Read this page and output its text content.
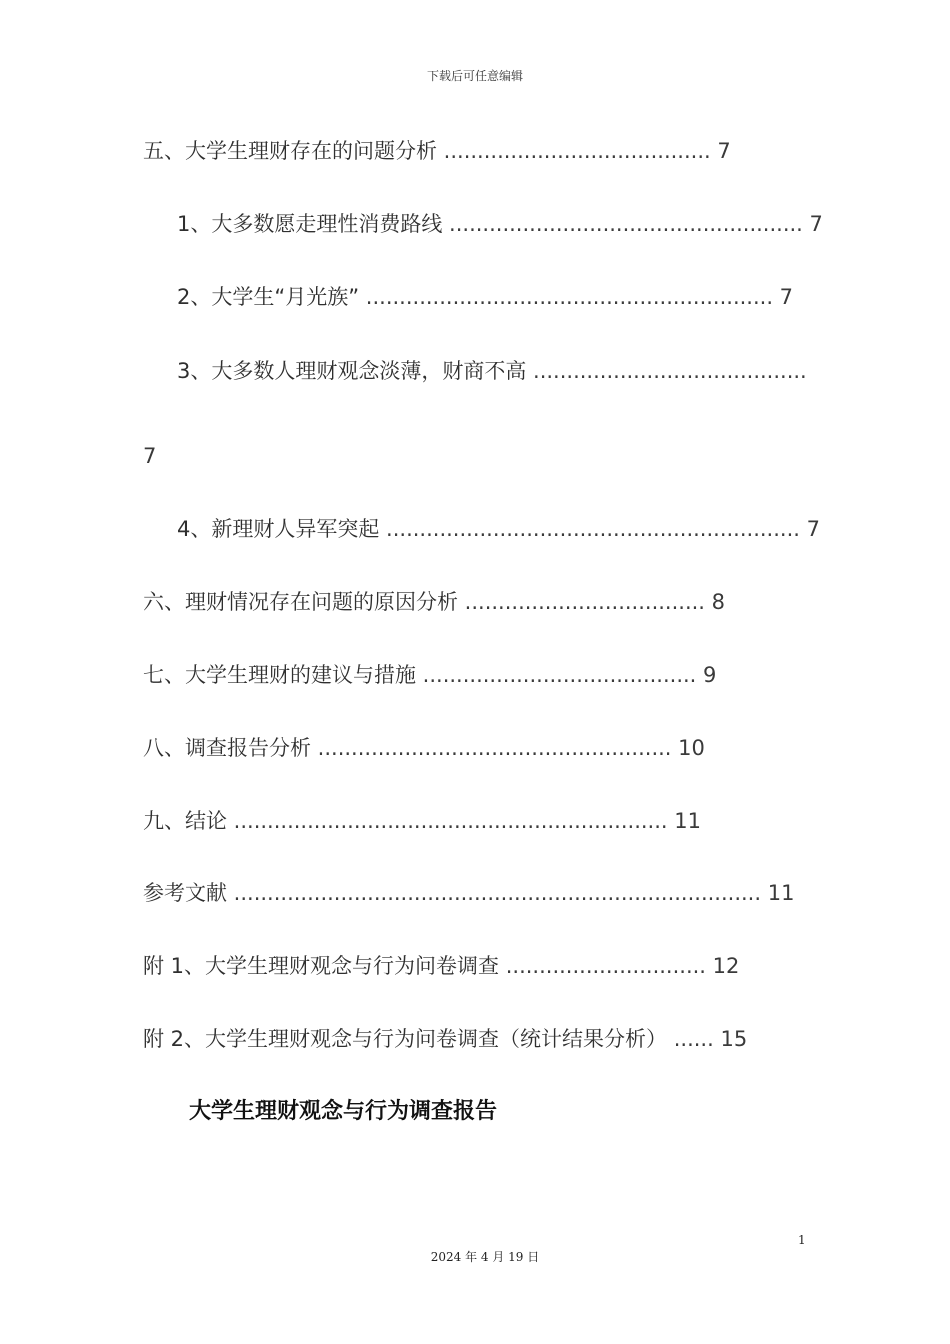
下载后可任意编辑
五、大学生理财存在的问题分析 ........................................ 7
1、大多数愿走理性消费路线 ..................................................... 7
2、大学生“月光族” ............................................................. 7
3、大多数人理财观念淡薄，财商不高 .........................................
7
4、新理财人异军突起 .............................................................. 7
六、理财情况存在问题的原因分析 .................................... 8
七、大学生理财的建议与措施 ......................................... 9
八、调查报告分析 ..................................................... 10
九、结论 ................................................................. 11
参考文献 ............................................................................... 11
附 1、大学生理财观念与行为问卷调查 .............................. 12
附 2、大学生理财观念与行为问卷调查（统计结果分析） ...... 15
大学生理财观念与行为调查报告
1
2024 年 4 月 19 日
